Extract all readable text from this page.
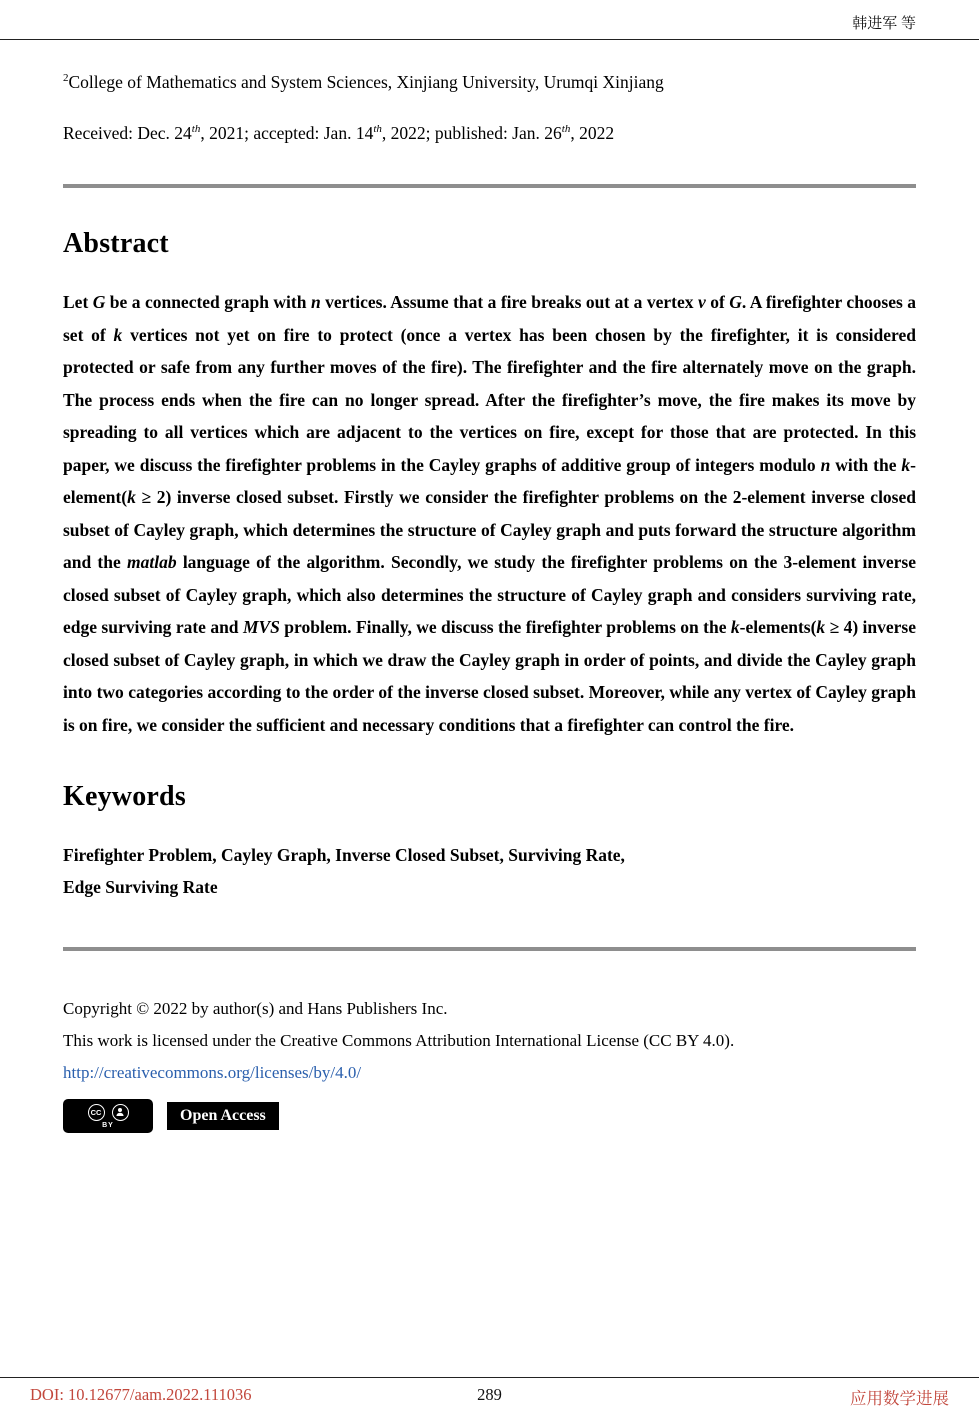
韩进军 等

$^2$College of Mathematics and System Sciences, Xinjiang University, Urumqi Xinjiang

Received: Dec. 24th, 2021; accepted: Jan. 14th, 2022; published: Jan. 26th, 2022

Abstract

Let G be a connected graph with n vertices. Assume that a fire breaks out at a vertex v of G. A firefighter chooses a set of k vertices not yet on fire to protect (once a vertex has been chosen by the firefighter, it is considered protected or safe from any further moves of the fire). The firefighter and the fire alternately move on the graph. The process ends when the fire can no longer spread. After the firefighter’s move, the fire makes its move by spreading to all vertices which are adjacent to the vertices on fire, except for those that are protected. In this paper, we discuss the firefighter problems in the Cayley graphs of additive group of integers modulo n with the k-element(k ≥ 2) inverse closed subset. Firstly we consider the firefighter problems on the 2-element inverse closed subset of Cayley graph, which determines the structure of Cayley graph and puts forward the structure algorithm and the matlab language of the algorithm. Secondly, we study the firefighter problems on the 3-element inverse closed subset of Cayley graph, which also determines the structure of Cayley graph and considers surviving rate, edge surviving rate and MVS problem. Finally, we discuss the firefighter problems on the k-elements(k ≥ 4) inverse closed subset of Cayley graph, in which we draw the Cayley graph in order of points, and divide the Cayley graph into two categories according to the order of the inverse closed subset. Moreover, while any vertex of Cayley graph is on fire, we consider the sufficient and necessary conditions that a firefighter can control the fire.

Keywords

Firefighter Problem, Cayley Graph, Inverse Closed Subset, Surviving Rate,
Edge Surviving Rate

Copyright © 2022 by author(s) and Hans Publishers Inc.

This work is licensed under the Creative Commons Attribution International License (CC BY 4.0).

http://creativecommons.org/licenses/by/4.0/
CC
BY
Open Access
289
DOI: 10.12677/aam.2022.111036	应用数学进展
